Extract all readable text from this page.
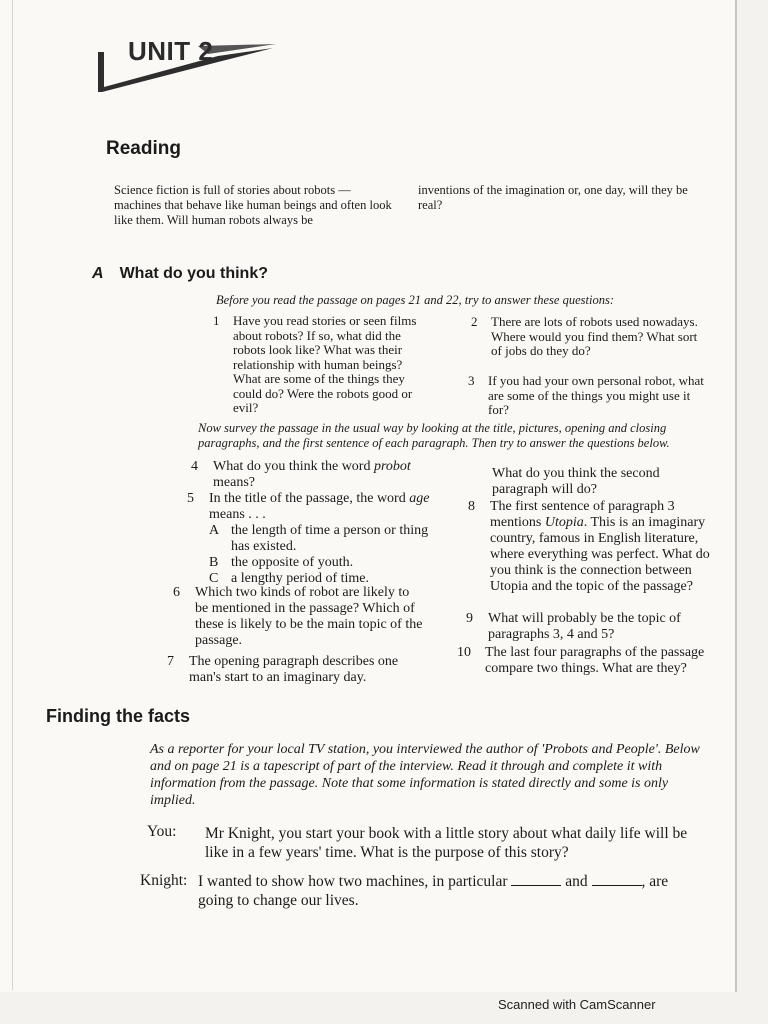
UNIT 2
Reading
Science fiction is full of stories about robots — machines that behave like human beings and often look like them. Will human robots always be
inventions of the imagination or, one day, will they be real?
A What do you think?
Before you read the passage on pages 21 and 22, try to answer these questions:
1 Have you read stories or seen films about robots? If so, what did the robots look like? What was their relationship with human beings? What are some of the things they could do? Were the robots good or evil?
2 There are lots of robots used nowadays. Where would you find them? What sort of jobs do they do?
3 If you had your own personal robot, what are some of the things you might use it for?
Now survey the passage in the usual way by looking at the title, pictures, opening and closing paragraphs, and the first sentence of each paragraph. Then try to answer the questions below.
4 What do you think the word probot means?
5 In the title of the passage, the word age means . . .
A the length of time a person or thing has existed.
B the opposite of youth.
C a lengthy period of time.
6 Which two kinds of robot are likely to be mentioned in the passage? Which of these is likely to be the main topic of the passage.
7 The opening paragraph describes one man's start to an imaginary day.
What do you think the second paragraph will do?
8 The first sentence of paragraph 3 mentions Utopia. This is an imaginary country, famous in English literature, where everything was perfect. What do you think is the connection between Utopia and the topic of the passage?
9 What will probably be the topic of paragraphs 3, 4 and 5?
10 The last four paragraphs of the passage compare two things. What are they?
Finding the facts
As a reporter for your local TV station, you interviewed the author of 'Probots and People'. Below and on page 21 is a tapescript of part of the interview. Read it through and complete it with information from the passage. Note that some information is stated directly and some is only implied.
You: Mr Knight, you start your book with a little story about what daily life will be like in a few years' time. What is the purpose of this story?
Knight: I wanted to show how two machines, in particular	and	, are
going to change our lives.
Scanned with CamScanner
